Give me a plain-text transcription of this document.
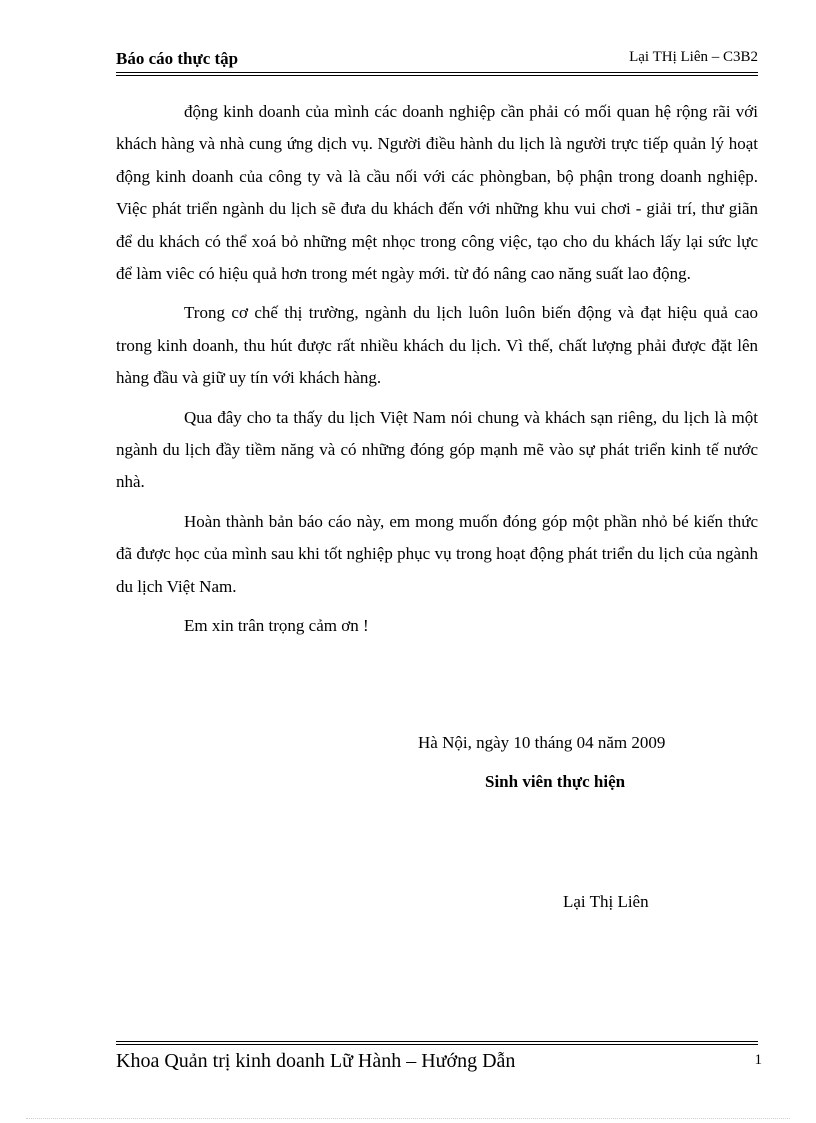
Báo cáo thực tập	Lại THị Liên – C3B2

động kinh doanh của mình các doanh nghiệp cần phải có mối quan hệ rộng rãi với khách hàng và nhà cung ứng dịch vụ. Người điều hành du lịch là người trực tiếp quản lý hoạt động kinh doanh của công ty và là cầu nối với các phòngban, bộ phận trong doanh nghiệp. Việc phát triển ngành du lịch sẽ đưa du khách đến với những khu vui chơi - giải trí, thư giãn để du khách có thể xoá bỏ những mệt nhọc trong công việc, tạo cho du khách lấy lại sức lực để làm viêc có hiệu quả hơn trong mét ngày mới. từ đó nâng cao năng suất lao động.

Trong cơ chế thị trường, ngành du lịch luôn luôn biến động và đạt hiệu quả cao trong kinh doanh, thu hút được rất nhiều khách du lịch. Vì thế, chất lượng phải được đặt lên hàng đầu và giữ uy tín với khách hàng.

Qua đây cho ta thấy du lịch Việt Nam nói chung và khách sạn riêng, du lịch là một ngành du lịch đầy tiềm năng và có những đóng góp mạnh mẽ vào sự phát triển kinh tế nước nhà.

Hoàn thành bản báo cáo này, em mong muốn đóng góp một phần nhỏ bé kiến thức đã được học của mình sau khi tốt nghiệp phục vụ trong hoạt động phát triển du lịch của ngành du lịch Việt Nam.

Em xin trân trọng cảm ơn !

Hà Nội, ngày 10 tháng 04 năm 2009
Sinh viên thực hiện
Lại Thị Liên
Khoa Quản trị kinh doanh Lữ Hành – Hướng Dẫn	1
